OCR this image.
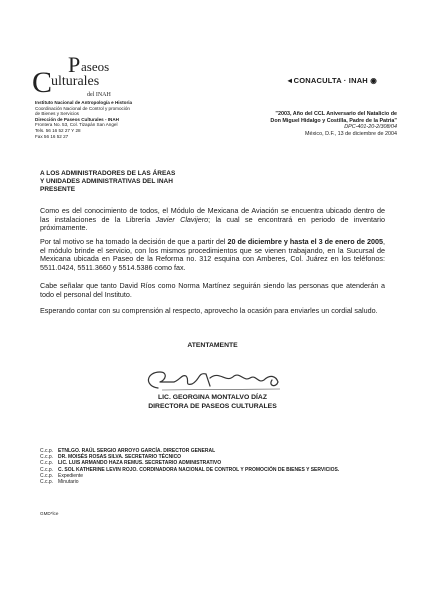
P aseos
C
ulturales
del INAH
Instituto Nacional de Antropología e Historia
Coordinación Nacional de Control y promoción
de Bienes y Servicios
Dirección de Paseos Culturales - INAH
Frontera No. 53, Col. Tizapán San Angel
Tels. 56 16 52 27 Y 28
Fax 56 16 52 27
◄CONACULTA · INAH ◉
"2003, Año del CCL Aniversario del Natalicio de
Don Miguel Hidalgo y Costilla, Padre de la Patria"
DPC-401-20-2/308/04
México, D.F., 13 de diciembre de 2004
A LOS ADMINISTRADORES DE LAS ÁREAS
Y UNIDADES ADMINISTRATIVAS DEL INAH
PRESENTE
Como es del conocimiento de todos, el Módulo de Mexicana de Aviación se encuentra ubicado dentro de las instalaciones de la Librería Javier Clavijero; la cual se encontrará en periodo de inventario próximamente.
Por tal motivo se ha tomado la decisión de que a partir del 20 de diciembre y hasta el 3 de enero de 2005, el módulo brinde el servicio, con los mismos procedimientos que se vienen trabajando, en la Sucursal de Mexicana ubicada en Paseo de la Reforma no. 312 esquina con Amberes, Col. Juárez en los teléfonos: 5511.0424, 5511.3660 y 5514.5386 como fax.
Cabe señalar que tanto David Ríos como Norma Martínez seguirán siendo las personas que atenderán a todo el personal del Instituto.
Esperando contar con su comprensión al respecto, aprovecho la ocasión para enviarles un cordial saludo.
ATENTAMENTE
LIC. GEORGINA MONTALVO DÍAZ
DIRECTORA DE PASEOS CULTURALES
C.c.p. ETNLGO. RAÚL SERGIO ARROYO GARCÍA. DIRECTOR GENERAL
C.c.p. DR. MOISÉS ROSAS SILVA. SECRETARIO TÉCNICO
C.c.p. LIC. LUIS ARMANDO HAZA REMUS. SECRETARIO ADMINISTRATIVO
C.c.p. C. SOL KATHERINE LEVIN ROJO. CORDINADORA NACIONAL DE CONTROL Y PROMOCIÓN DE BIENES Y SERVICIOS.
C.c.p. Expediente
C.c.p. Minutario
GMD*lce
